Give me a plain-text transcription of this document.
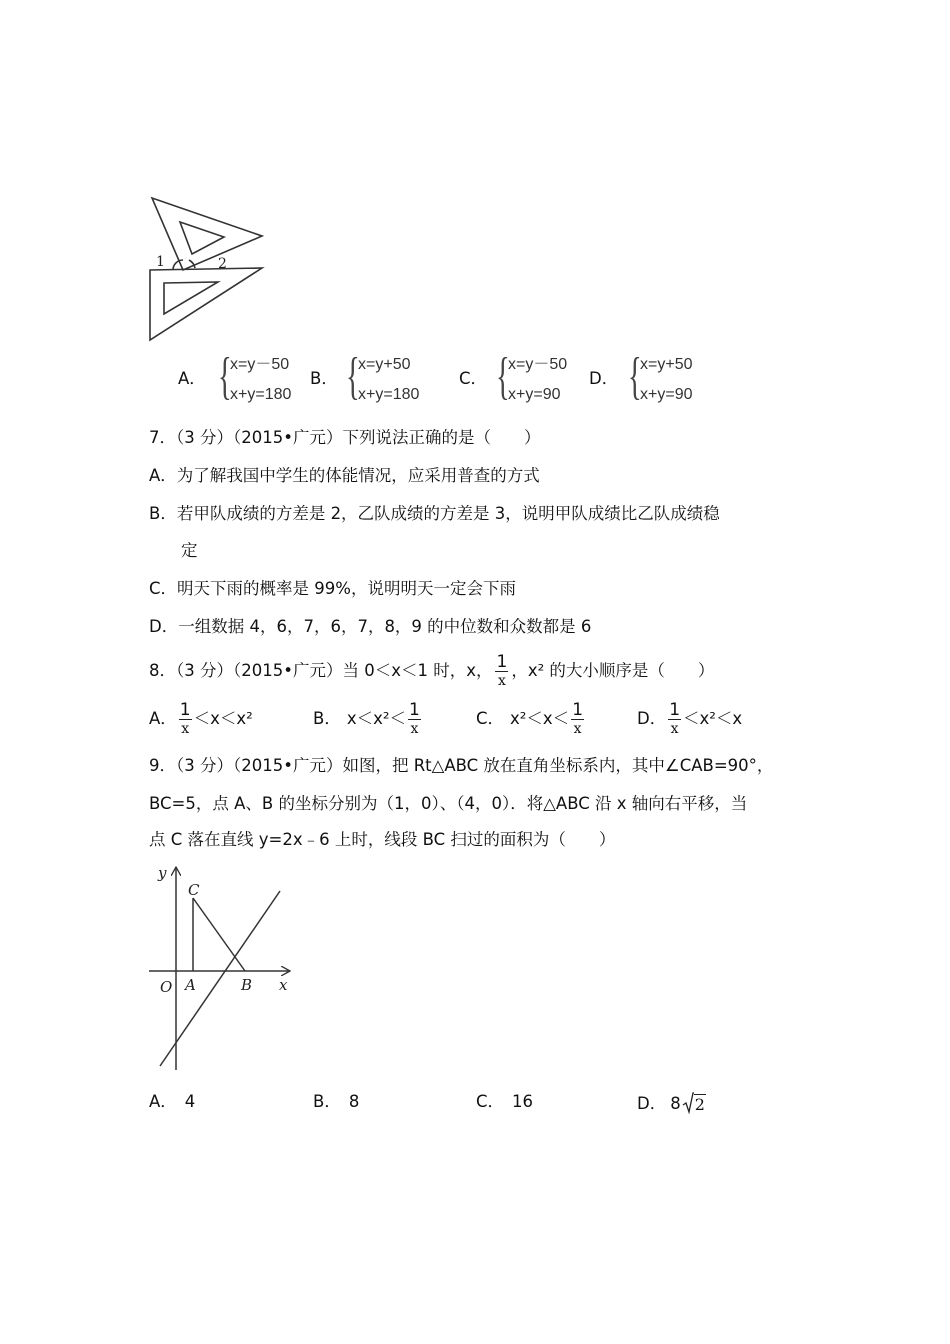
1	2
A． {
x=y－50
x+y=180
B． {
x=y+50
x+y=180
C． {
x=y－50
x+y=90
D． {
x=y+50
x+y=90
7．（3 分）（2015•广元）下列说法正确的是（　　）
A．为了解我国中学生的体能情况，应采用普查的方式
B．若甲队成绩的方差是 2，乙队成绩的方差是 3，说明甲队成绩比乙队成绩稳
定
C．明天下雨的概率是 99%，说明明天一定会下雨
D．一组数据 4，6，7，6，7，8，9 的中位数和众数都是 6
8．（3 分）（2015•广元）当 0＜x＜1 时，x， $\frac{1}{x}$ ，x² 的大小顺序是（　　）
A． $\frac{1}{x} <x<x^2$	B． $x<x^2< \frac{1}{x}$	C． $x^2<x< \frac{1}{x}$	D． $\frac{1}{x} <x^2<x$
9．（3 分）（2015•广元）如图，把 Rt△ABC 放在直角坐标系内，其中∠CAB=90°，
BC=5，点 A、B 的坐标分别为（1，0）、（4，0）．将△ABC 沿 x 轴向右平移，当
点 C 落在直线 y=2x﹣6 上时，线段 BC 扫过的面积为（　　）
y
x
O A	B
C
A． 4	B． 8	C． 16	D． 8 2
